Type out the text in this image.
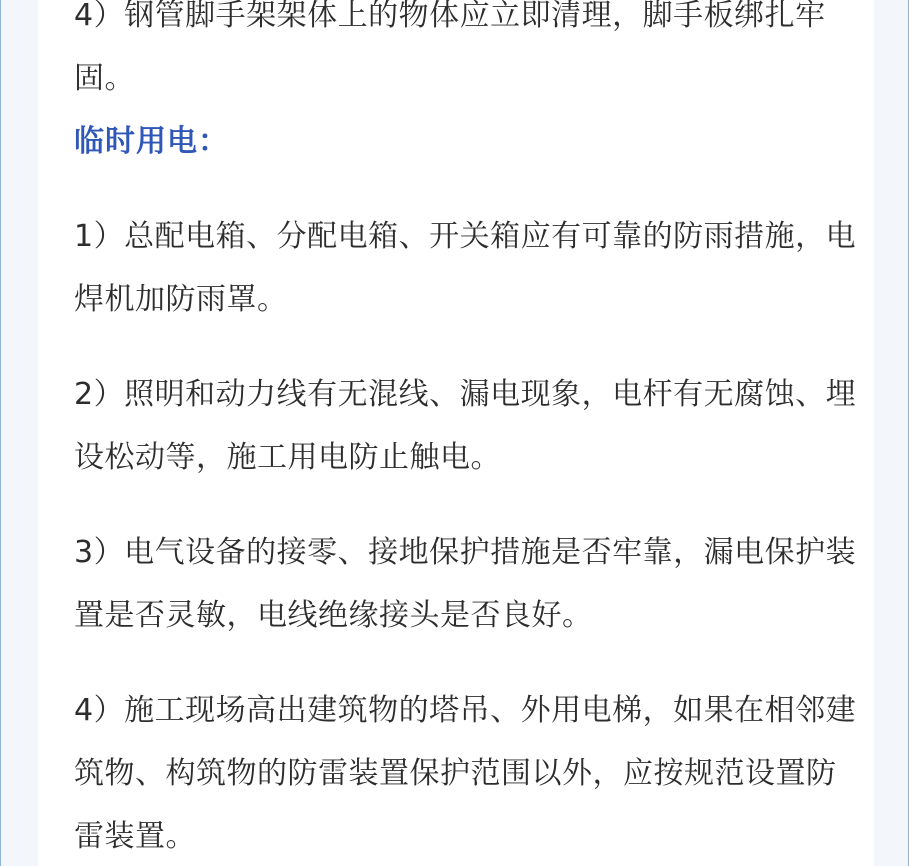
4）钢管脚手架架体上的物体应立即清理，脚手板绑扎牢固。

临时用电：

1）总配电箱、分配电箱、开关箱应有可靠的防雨措施，电焊机加防雨罩。

2）照明和动力线有无混线、漏电现象，电杆有无腐蚀、埋设松动等，施工用电防止触电。

3）电气设备的接零、接地保护措施是否牢靠，漏电保护装置是否灵敏，电线绝缘接头是否良好。

4）施工现场高出建筑物的塔吊、外用电梯，如果在相邻建筑物、构筑物的防雷装置保护范围以外，应按规范设置防雷装置。
